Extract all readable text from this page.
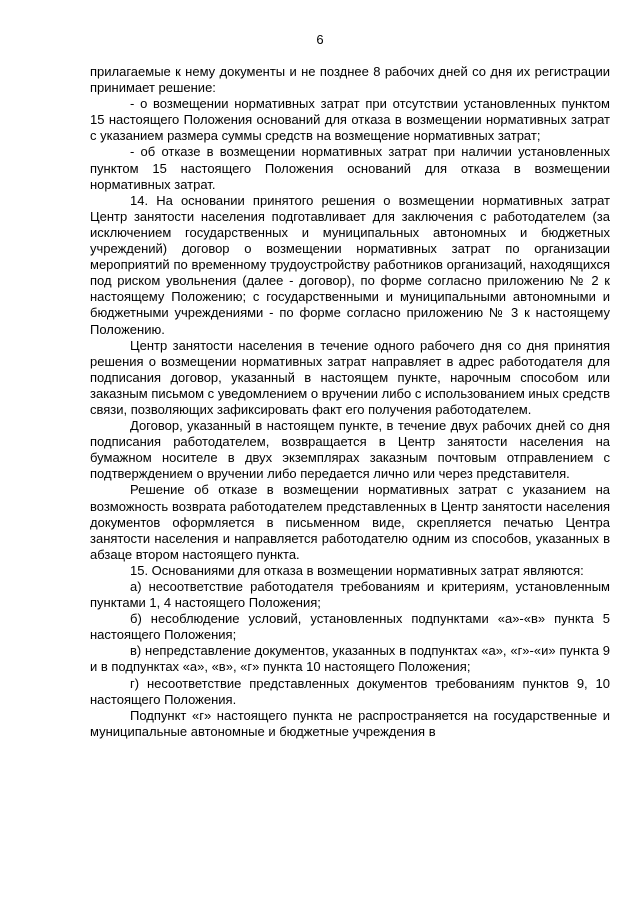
6

прилагаемые к нему документы и не позднее 8 рабочих дней со дня их регистрации принимает решение:

- о возмещении нормативных затрат при отсутствии установленных пунктом 15 настоящего Положения оснований для отказа в возмещении нормативных затрат с указанием размера суммы средств на возмещение нормативных затрат;

- об отказе в возмещении нормативных затрат при наличии установленных пунктом 15 настоящего Положения оснований для отказа в возмещении нормативных затрат.

14. На основании принятого решения о возмещении нормативных затрат Центр занятости населения подготавливает для заключения с работодателем (за исключением государственных и муниципальных автономных и бюджетных учреждений) договор о возмещении нормативных затрат по организации мероприятий по временному трудоустройству работников организаций, находящихся под риском увольнения (далее - договор), по форме согласно приложению № 2 к настоящему Положению; с государственными и муниципальными автономными и бюджетными учреждениями - по форме согласно приложению № 3 к настоящему Положению.

Центр занятости населения в течение одного рабочего дня со дня принятия решения о возмещении нормативных затрат направляет в адрес работодателя для подписания договор, указанный в настоящем пункте, нарочным способом или заказным письмом с уведомлением о вручении либо с использованием иных средств связи, позволяющих зафиксировать факт его получения работодателем.

Договор, указанный в настоящем пункте, в течение двух рабочих дней со дня подписания работодателем, возвращается в Центр занятости населения на бумажном носителе в двух экземплярах заказным почтовым отправлением с подтверждением о вручении либо передается лично или через представителя.

Решение об отказе в возмещении нормативных затрат с указанием на возможность возврата работодателем представленных в Центр занятости населения документов оформляется в письменном виде, скрепляется печатью Центра занятости населения и направляется работодателю одним из способов, указанных в абзаце втором настоящего пункта.

15. Основаниями для отказа в возмещении нормативных затрат являются:

а) несоответствие работодателя требованиям и критериям, установленным пунктами 1, 4 настоящего Положения;

б) несоблюдение условий, установленных подпунктами «а»-«в» пункта 5 настоящего Положения;

в) непредставление документов, указанных в подпунктах «а», «г»-«и» пункта 9 и в подпунктах «а», «в», «г» пункта 10 настоящего Положения;

г) несоответствие представленных документов требованиям пунктов 9, 10 настоящего Положения.

Подпункт «г» настоящего пункта не распространяется на государственные и муниципальные автономные и бюджетные учреждения в
